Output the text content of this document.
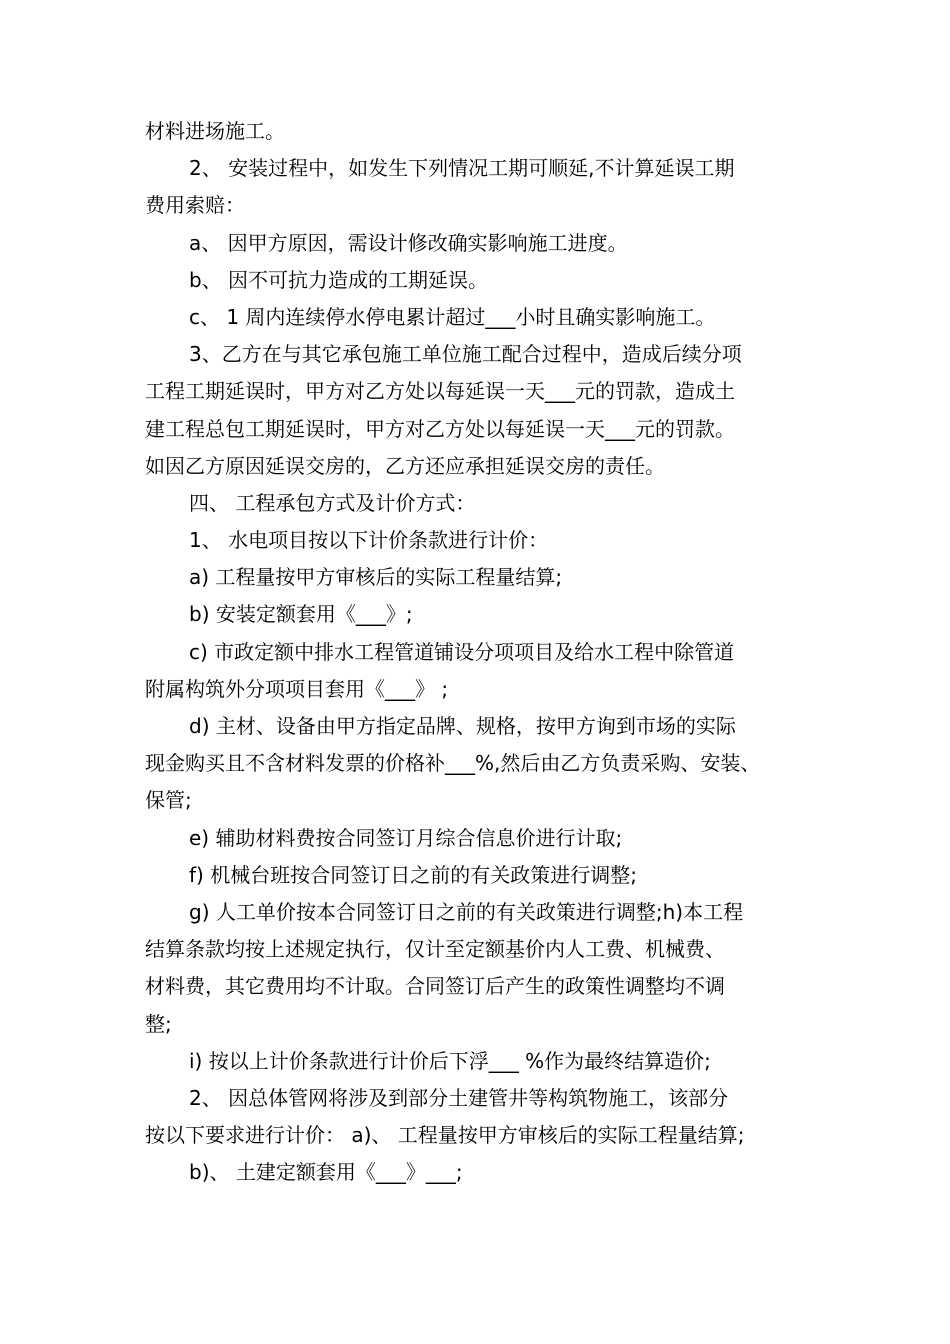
材料进场施工。
2、 安装过程中，如发生下列情况工期可顺延,不计算延误工期
费用索赔：
a、 因甲方原因，需设计修改确实影响施工进度。
b、 因不可抗力造成的工期延误。
c、 1 周内连续停水停电累计超过___小时且确实影响施工。
3、乙方在与其它承包施工单位施工配合过程中，造成后续分项
工程工期延误时，甲方对乙方处以每延误一天___元的罚款，造成土
建工程总包工期延误时，甲方对乙方处以每延误一天___元的罚款。
如因乙方原因延误交房的，乙方还应承担延误交房的责任。
四、 工程承包方式及计价方式：
1、 水电项目按以下计价条款进行计价：
a) 工程量按甲方审核后的实际工程量结算;
b) 安装定额套用《___》;
c) 市政定额中排水工程管道铺设分项项目及给水工程中除管道
附属构筑外分项项目套用《___》 ;
d) 主材、设备由甲方指定品牌、规格，按甲方询到市场的实际
现金购买且不含材料发票的价格补___%,然后由乙方负责采购、安装、
保管;
e) 辅助材料费按合同签订月综合信息价进行计取;
f) 机械台班按合同签订日之前的有关政策进行调整;
g) 人工单价按本合同签订日之前的有关政策进行调整;h)本工程
结算条款均按上述规定执行，仅计至定额基价内人工费、机械费、
材料费，其它费用均不计取。合同签订后产生的政策性调整均不调
整;
i) 按以上计价条款进行计价后下浮___ %作为最终结算造价;
2、 因总体管网将涉及到部分土建管井等构筑物施工，该部分
按以下要求进行计价： a)、 工程量按甲方审核后的实际工程量结算;
b)、 土建定额套用《___》___;
